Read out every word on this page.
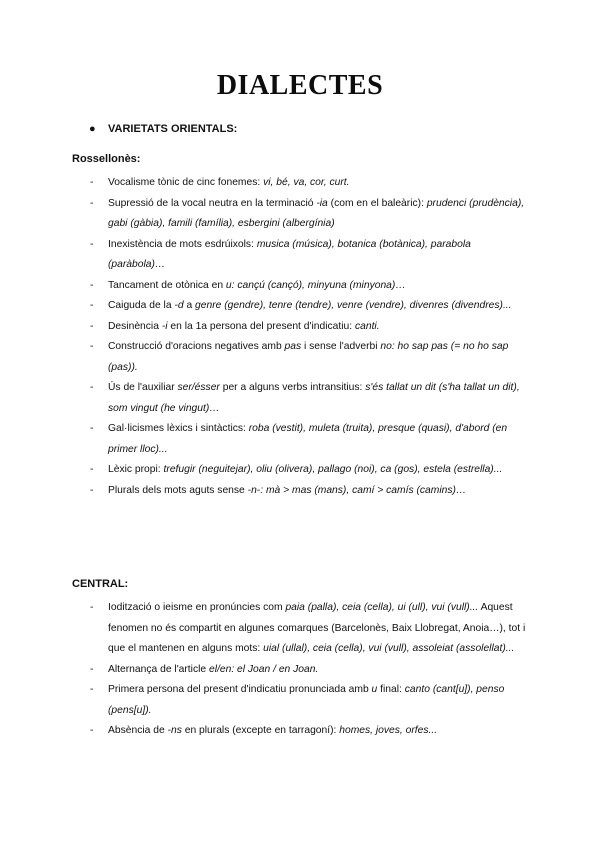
DIALECTES
● VARIETATS ORIENTALS:
Rossellonès:
- Vocalisme tònic de cinc fonemes: vi, bé, va, cor, curt.
- Supressió de la vocal neutra en la terminació -ia (com en el baleàric): prudenci (prudència), gabi (gàbia), famili (família), esbergini (albergínia)
- Inexistència de mots esdrúixols: musica (música), botanica (botànica), parabola (paràbola)…
- Tancament de otònica en u: cançú (cançó), minyuna (minyona)…
- Caiguda de la -d a genre (gendre), tenre (tendre), venre (vendre), divenres (divendres)...
- Desinència -i en la 1a persona del present d'indicatiu: canti.
- Construcció d'oracions negatives amb pas i sense l'adverbi no: ho sap pas (= no ho sap (pas)).
- Ús de l'auxiliar ser/ésser per a alguns verbs intransitius: s'és tallat un dit (s'ha tallat un dit), som vingut (he vingut)…
- Gal·licismes lèxics i sintàctics: roba (vestit), muleta (truita), presque (quasi), d'abord (en primer lloc)...
- Lèxic propi: trefugir (neguitejar), oliu (olivera), pallago (noi), ca (gos), estela (estrella)...
- Plurals dels mots aguts sense -n-: mà > mas (mans), camí > camís (camins)…
CENTRAL:
- Iodització o ieisme en pronúncies com paia (palla), ceia (cella), ui (ull), vui (vull)... Aquest fenomen no és compartit en algunes comarques (Barcelonès, Baix Llobregat, Anoia…), tot i que el mantenen en alguns mots: uial (ullal), ceia (cella), vui (vull), assoleiat (assolellat)...
- Alternança de l'article el/en: el Joan / en Joan.
- Primera persona del present d'indicatiu pronunciada amb u final: canto (cant[u]), penso (pens[u]).
- Absència de -ns en plurals (excepte en tarragoní): homes, joves, orfes...
